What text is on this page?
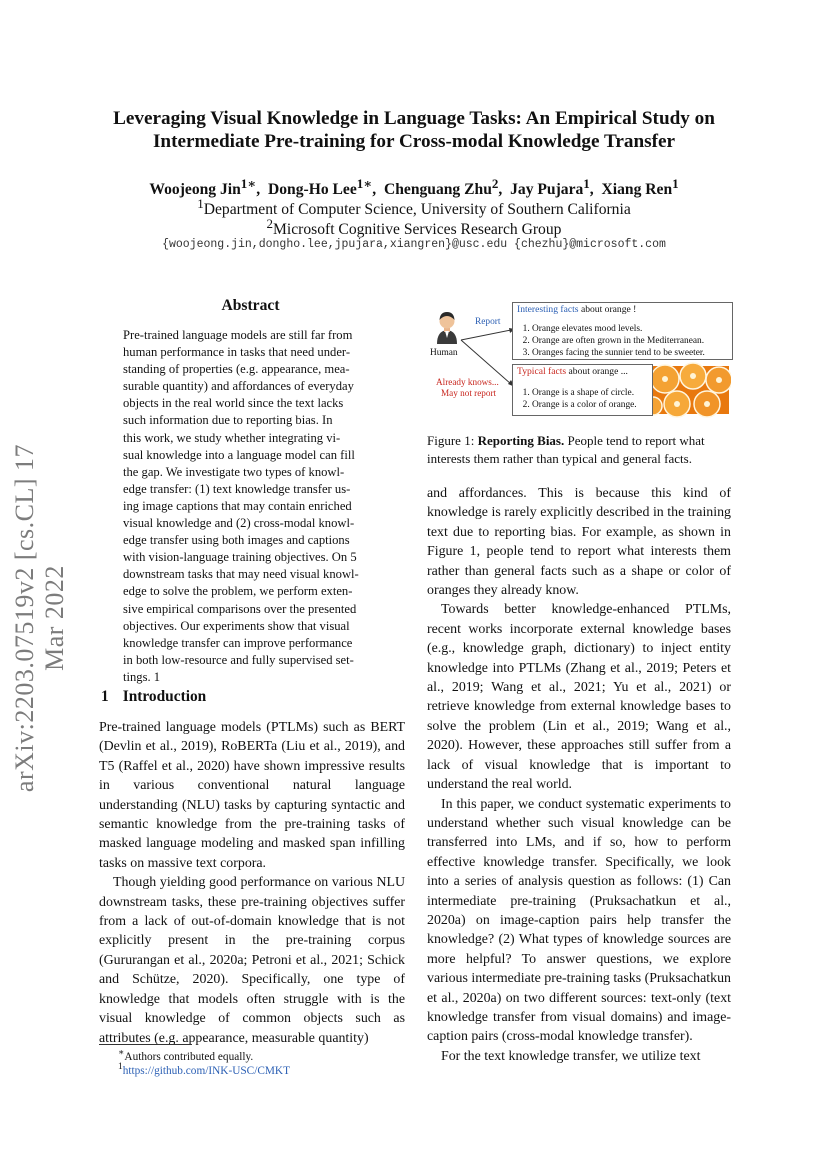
arXiv:2203.07519v2 [cs.CL] 17 Mar 2022
Leveraging Visual Knowledge in Language Tasks: An Empirical Study on
Intermediate Pre-training for Cross-modal Knowledge Transfer
Woojeong Jin$^{1∗}$,  Dong-Ho Lee$^{1∗}$,  Chenguang Zhu$^2$,  Jay Pujara$^1$,  Xiang Ren$^1$
$^1$Department of Computer Science, University of Southern California
$^2$Microsoft Cognitive Services Research Group
{woojeong.jin,dongho.lee,jpujara,xiangren}@usc.edu {chezhu}@microsoft.com
Abstract
Pre-trained language models are still far from
human performance in tasks that need under-
standing of properties (e.g. appearance, mea-
surable quantity) and affordances of everyday
objects in the real world since the text lacks
such information due to reporting bias. In
this work, we study whether integrating vi-
sual knowledge into a language model can fill
the gap. We investigate two types of knowl-
edge transfer: (1) text knowledge transfer us-
ing image captions that may contain enriched
visual knowledge and (2) cross-modal knowl-
edge transfer using both images and captions
with vision-language training objectives. On 5
downstream tasks that may need visual knowl-
edge to solve the problem, we perform exten-
sive empirical comparisons over the presented
objectives. Our experiments show that visual
knowledge transfer can improve performance
in both low-resource and fully supervised set-
tings. 1
1 Introduction

Pre-trained language models (PTLMs) such as BERT (Devlin et al., 2019), RoBERTa (Liu et al., 2019), and T5 (Raffel et al., 2020) have shown impressive results in various conventional natural language understanding (NLU) tasks by capturing syntactic and semantic knowledge from the pre-training tasks of masked language modeling and masked span infilling tasks on massive text corpora.

Though yielding good performance on various NLU downstream tasks, these pre-training objectives suffer from a lack of out-of-domain knowledge that is not explicitly present in the pre-training corpus (Gururangan et al., 2020a; Petroni et al., 2021; Schick and Schütze, 2020). Specifically, one type of knowledge that models often struggle with is the visual knowledge of common objects such as attributes (e.g. appearance, measurable quantity)

∗Authors contributed equally.
$^1$https://github.com/INK-USC/CMKT
Human
Report
Already knows...
May not report
Interesting facts about orange !
1. Orange elevates mood levels.
2. Orange are often grown in the Mediterranean.
3. Oranges facing the sunnier tend to be sweeter.
Typical facts about orange ...
1. Orange is a shape of circle.
2. Orange is a color of orange.
Figure 1: Reporting Bias. People tend to report what interests them rather than typical and general facts.

and affordances. This is because this kind of knowledge is rarely explicitly described in the training text due to reporting bias. For example, as shown in Figure 1, people tend to report what interests them rather than general facts such as a shape or color of oranges they already know.

Towards better knowledge-enhanced PTLMs, recent works incorporate external knowledge bases (e.g., knowledge graph, dictionary) to inject entity knowledge into PTLMs (Zhang et al., 2019; Peters et al., 2019; Wang et al., 2021; Yu et al., 2021) or retrieve knowledge from external knowledge bases to solve the problem (Lin et al., 2019; Wang et al., 2020). However, these approaches still suffer from a lack of visual knowledge that is important to understand the real world.

In this paper, we conduct systematic experiments to understand whether such visual knowledge can be transferred into LMs, and if so, how to perform effective knowledge transfer. Specifically, we look into a series of analysis question as follows: (1) Can intermediate pre-training (Pruksachatkun et al., 2020a) on image-caption pairs help transfer the knowledge? (2) What types of knowledge sources are more helpful? To answer questions, we explore various intermediate pre-training tasks (Pruksachatkun et al., 2020a) on two different sources: text-only (text knowledge transfer from visual domains) and image-caption pairs (cross-modal knowledge transfer).

For the text knowledge transfer, we utilize text
